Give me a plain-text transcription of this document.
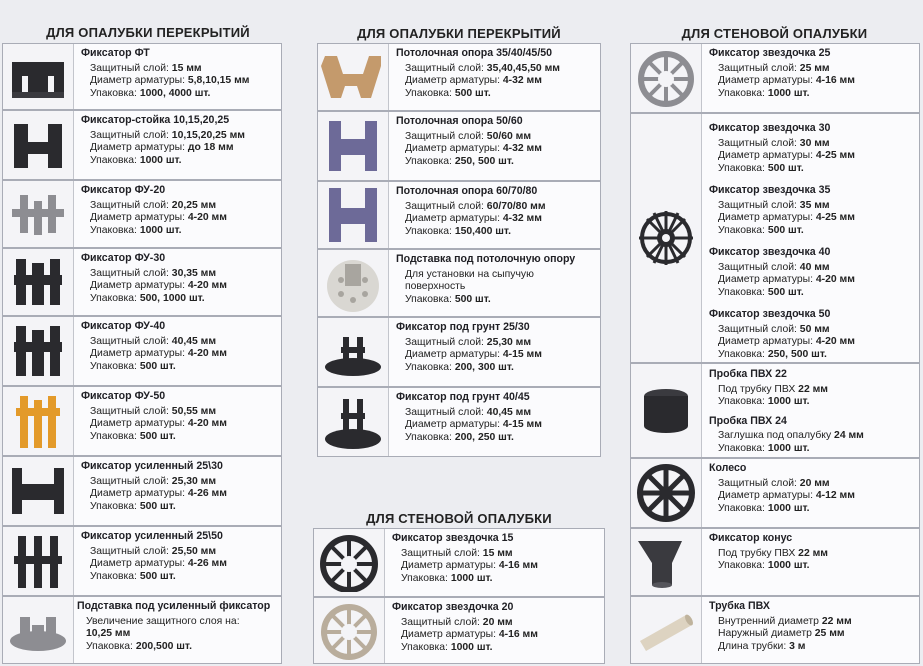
ДЛЯ ОПАЛУБКИ ПЕРЕКРЫТИЙ	ДЛЯ ОПАЛУБКИ ПЕРЕКРЫТИЙ
ДЛЯ СТЕНОВОЙ ОПАЛУБКИ
ДЛЯ СТЕНОВОЙ ОПАЛУБКИ
Фиксатор ФТ
Защитный слой: 15 мм
Диаметр арматуры: 5,8,10,15 мм
Упаковка: 1000, 4000 шт.
Фиксатор-стойка 10,15,20,25
Защитный слой: 10,15,20,25 мм
Диаметр арматуры: до 18 мм
Упаковка: 1000 шт.
Фиксатор ФУ-20
Защитный слой: 20,25 мм
Диаметр арматуры: 4-20 мм
Упаковка: 1000 шт.
Фиксатор ФУ-30
Защитный слой: 30,35 мм
Диаметр арматуры: 4-20 мм
Упаковка: 500, 1000 шт.
Фиксатор ФУ-40
Защитный слой: 40,45 мм
Диаметр арматуры: 4-20 мм
Упаковка: 500 шт.
Фиксатор ФУ-50
Защитный слой: 50,55 мм
Диаметр арматуры: 4-20 мм
Упаковка: 500 шт.
Фиксатор усиленный 25\30
Защитный слой: 25,30 мм
Диаметр арматуры: 4-26 мм
Упаковка: 500 шт.
Фиксатор усиленный 25\50
Защитный слой: 25,50 мм
Диаметр арматуры: 4-26 мм
Упаковка: 500 шт.
Подставка под усиленный фиксатор
Увеличение защитного слоя на:
10,25 мм
Упаковка: 200,500 шт.
Потолочная опора 35/40/45/50
Защитный слой: 35,40,45,50 мм
Диаметр арматуры: 4-32 мм
Упаковка: 500 шт.
Потолочная опора 50/60
Защитный слой: 50/60 мм
Диаметр арматуры: 4-32 мм
Упаковка: 250, 500 шт.
Потолочная опора 60/70/80
Защитный слой: 60/70/80 мм
Диаметр арматуры: 4-32 мм
Упаковка: 150,400 шт.
Подставка под потолочную опору
Для установки на сыпучую поверхность
Упаковка: 500 шт.
Фиксатор под грунт 25/30
Защитный слой: 25,30 мм
Диаметр арматуры: 4-15 мм
Упаковка: 200, 300 шт.
Фиксатор под грунт 40/45
Защитный слой: 40,45 мм
Диаметр арматуры: 4-15 мм
Упаковка: 200, 250 шт.
Фиксатор звездочка 15
Защитный слой: 15 мм
Диаметр арматуры: 4-16 мм
Упаковка: 1000 шт.
Фиксатор звездочка 20
Защитный слой: 20 мм
Диаметр арматуры: 4-16 мм
Упаковка: 1000 шт.
Фиксатор звездочка 25
Защитный слой: 25 мм
Диаметр арматуры: 4-16 мм
Упаковка: 1000 шт.
Фиксатор звездочка 30
Защитный слой: 30 мм
Диаметр арматуры: 4-25 мм
Упаковка: 500 шт.
Фиксатор звездочка 35
Защитный слой: 35 мм
Диаметр арматуры: 4-25 мм
Упаковка: 500 шт.
Фиксатор звездочка 40
Защитный слой: 40 мм
Диаметр арматуры: 4-20 мм
Упаковка: 500 шт.
Фиксатор звездочка 50
Защитный слой: 50 мм
Диаметр арматуры: 4-20 мм
Упаковка: 250, 500 шт.
Пробка ПВХ 22
Под трубку ПВХ 22 мм
Упаковка: 1000 шт.
Пробка ПВХ 24
Заглушка под опалубку 24 мм
Упаковка: 1000 шт.
Колесо
Защитный слой: 20 мм
Диаметр арматуры: 4-12 мм
Упаковка: 1000 шт.
Фиксатор конус
Под трубку ПВХ 22 мм
Упаковка: 1000 шт.
Трубка ПВХ
Внутренний диаметр 22 мм
Наружный диаметр 25 мм
Длина трубки: 3 м
